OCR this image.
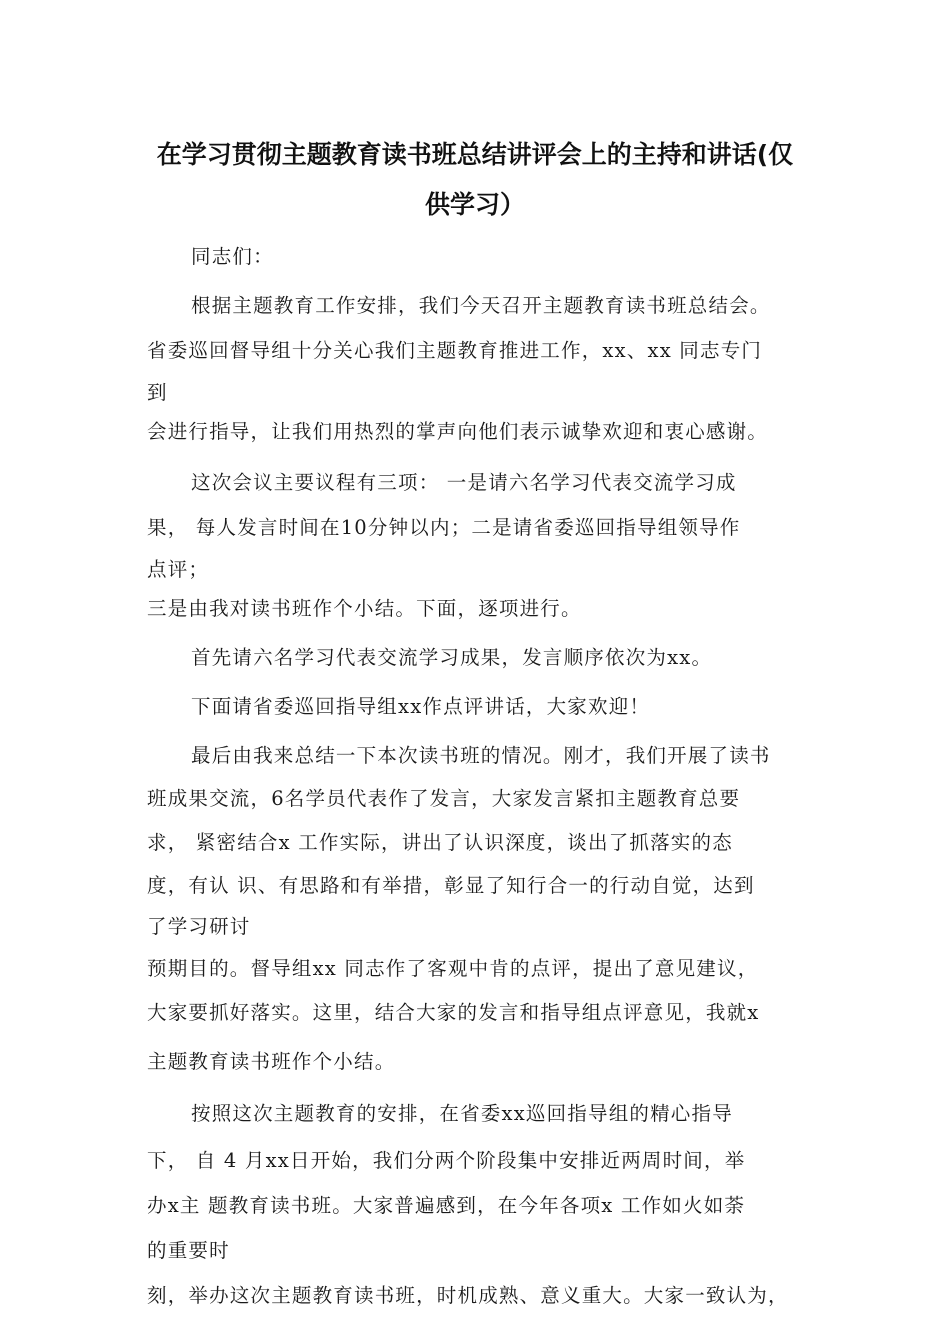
在学习贯彻主题教育读书班总结讲评会上的主持和讲话(仅
供学习）
同志们：
根据主题教育工作安排，我们今天召开主题教育读书班总结会。
省委巡回督导组十分关心我们主题教育推进工作，xx、xx 同志专门
到
会进行指导，让我们用热烈的掌声向他们表示诚挚欢迎和衷心感谢。
这次会议主要议程有三项： 一是请六名学习代表交流学习成
果， 每人发言时间在10分钟以内；二是请省委巡回指导组领导作
点评；
三是由我对读书班作个小结。下面，逐项进行。
首先请六名学习代表交流学习成果，发言顺序依次为xx。
下面请省委巡回指导组xx作点评讲话，大家欢迎！
最后由我来总结一下本次读书班的情况。刚才，我们开展了读书
班成果交流，6名学员代表作了发言，大家发言紧扣主题教育总要
求， 紧密结合x 工作实际，讲出了认识深度，谈出了抓落实的态
度，有认 识、有思路和有举措，彰显了知行合一的行动自觉，达到
了学习研讨
预期目的。督导组xx 同志作了客观中肯的点评，提出了意见建议，
大家要抓好落实。这里，结合大家的发言和指导组点评意见，我就x
主题教育读书班作个小结。
按照这次主题教育的安排，在省委xx巡回指导组的精心指导
下， 自 4 月xx日开始，我们分两个阶段集中安排近两周时间，举
办x主 题教育读书班。大家普遍感到，在今年各项x 工作如火如荼
的重要时
刻，举办这次主题教育读书班，时机成熟、意义重大。大家一致认为，
